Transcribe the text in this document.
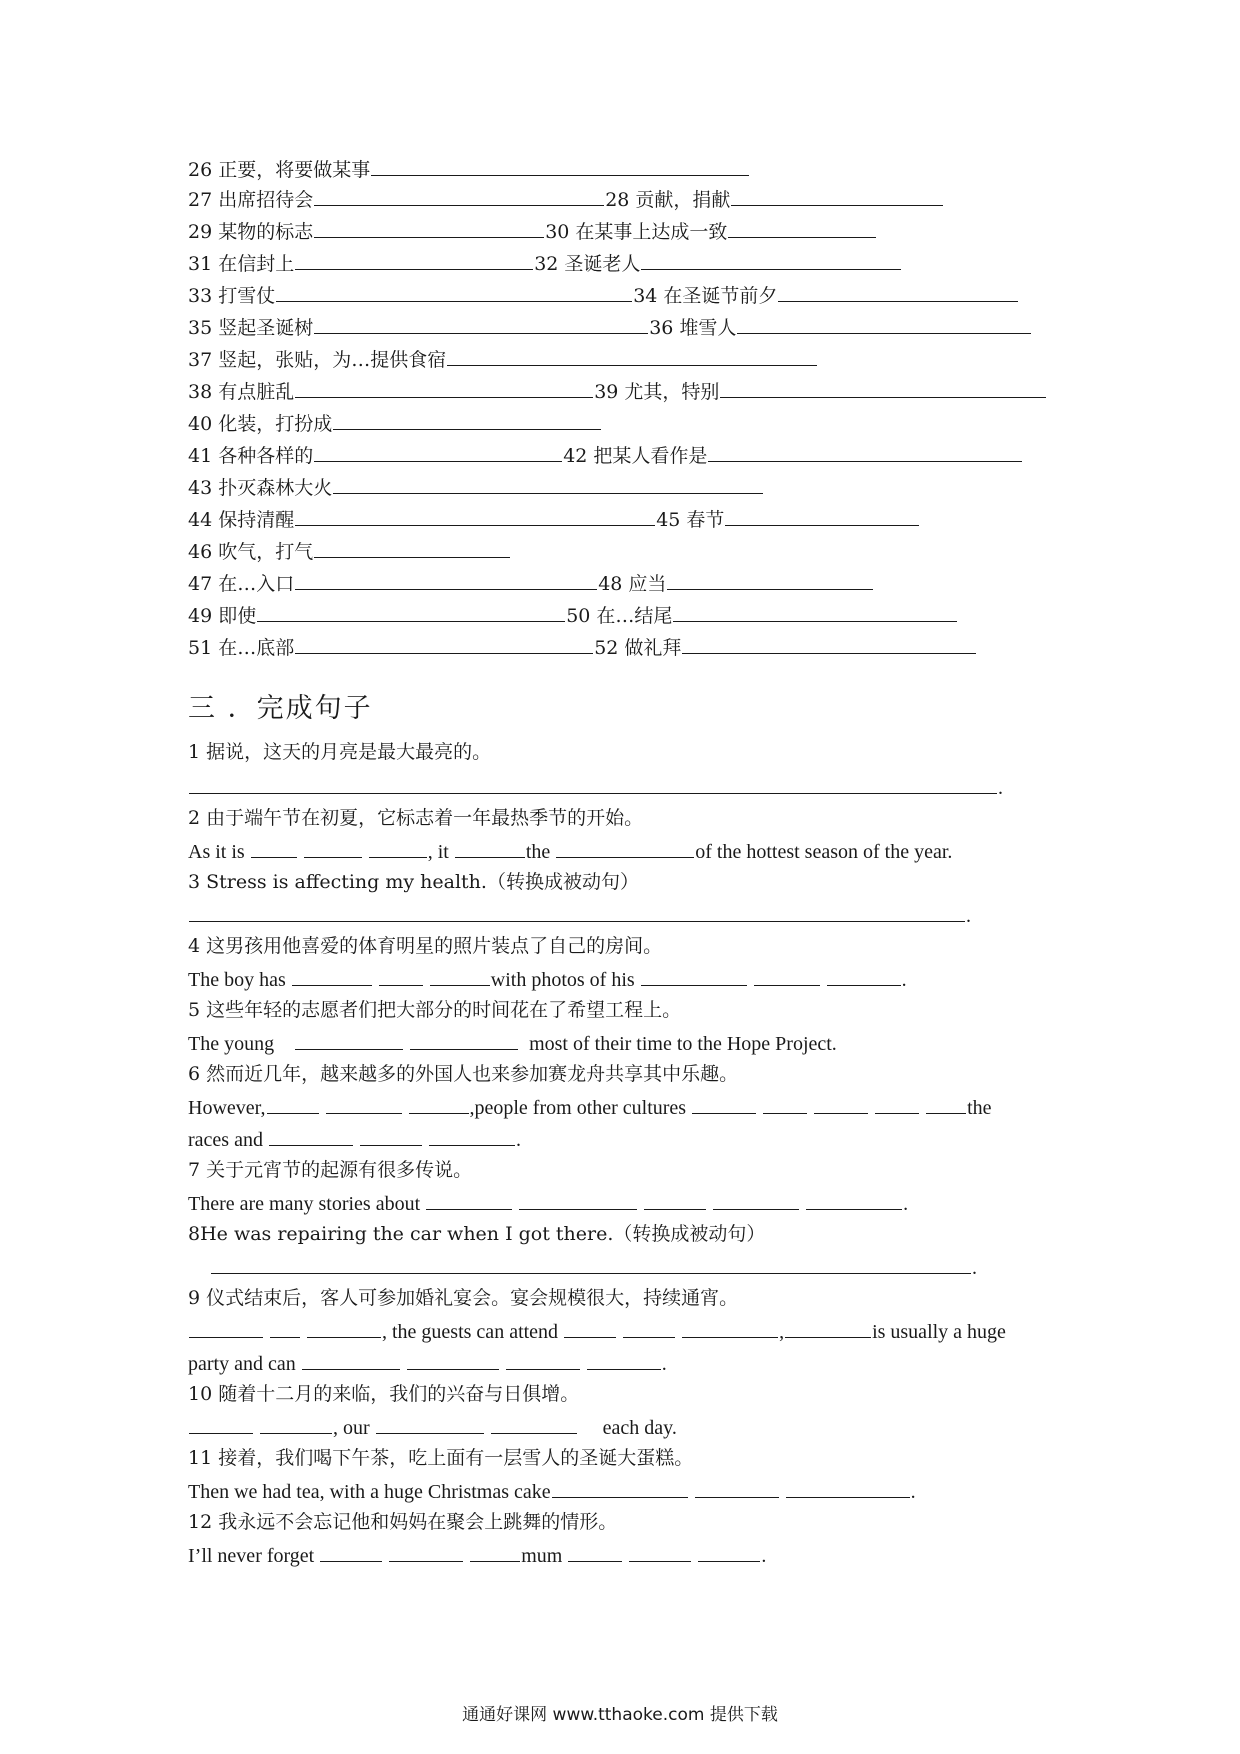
26 正要，将要做某事
27 出席招待会	28 贡献，捐献
29 某物的标志	30 在某事上达成一致
31 在信封上	32 圣诞老人
33 打雪仗	34 在圣诞节前夕
35 竖起圣诞树	36 堆雪人
37 竖起，张贴，为…提供食宿
38 有点脏乱	39 尤其，特别
40 化装，打扮成
41 各种各样的	42 把某人看作是
43 扑灭森林大火
44 保持清醒	45 春节
46 吹气，打气
47 在…入口	48 应当
49 即使	50 在…结尾
51 在…底部	52 做礼拜
三 ．完成句子
1 据说，这天的月亮是最大最亮的。
.
2 由于端午节在初夏，它标志着一年最热季节的开始。
As it is	, it	the	of the hottest season of the year.
3 Stress is affecting my health.（转换成被动句）
.
4 这男孩用他喜爱的体育明星的照片装点了自己的房间。
The boy has	with photos of his	.
5 这些年轻的志愿者们把大部分的时间花在了希望工程上。
The young	most of their time to the Hope Project.
6 然而近几年，越来越多的外国人也来参加赛龙舟共享其中乐趣。
However,	,people from other cultures	the
races and	.
7 关于元宵节的起源有很多传说。
There are many stories about	.
8He was repairing the car when I got there.（转换成被动句）
.
9 仪式结束后，客人可参加婚礼宴会。宴会规模很大，持续通宵。
, the guests can attend	,	is usually a huge
party and can	.
10 随着十二月的来临，我们的兴奋与日俱增。
, our	each day.
11 接着，我们喝下午茶，吃上面有一层雪人的圣诞大蛋糕。
Then we had tea, with a huge Christmas cake	.
12 我永远不会忘记他和妈妈在聚会上跳舞的情形。
I’ll never forget	mum	.
通通好课网 www.tthaoke.com 提供下载
